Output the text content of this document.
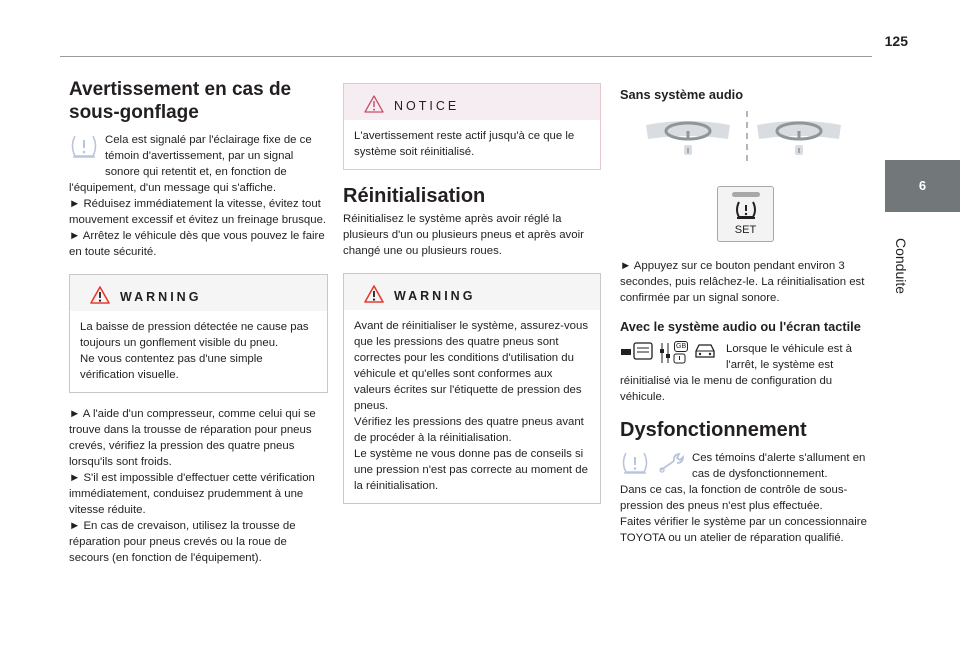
125
6
Conduite
Avertissement en cas de sous-gonflage
Cela est signalé par l'éclairage fixe de ce témoin d'avertissement, par un signal sonore qui retentit et, en fonction de l'équipement, d'un message qui s'affiche.
► Réduisez immédiatement la vitesse, évitez tout mouvement excessif et évitez un freinage brusque.
► Arrêtez le véhicule dès que vous pouvez le faire en toute sécurité.
WARNING
La baisse de pression détectée ne cause pas toujours un gonflement visible du pneu.
Ne vous contentez pas d'une simple vérification visuelle.
► A l'aide d'un compresseur, comme celui qui se trouve dans la trousse de réparation pour pneus crevés, vérifiez la pression des quatre pneus lorsqu'ils sont froids.
► S'il est impossible d'effectuer cette vérification immédiatement, conduisez prudemment à une vitesse réduite.
► En cas de crevaison, utilisez la trousse de réparation pour pneus crevés ou la roue de secours (en fonction de l'équipement).
NOTICE
L'avertissement reste actif jusqu'à ce que le système soit réinitialisé.
Réinitialisation
Réinitialisez le système après avoir réglé la plusieurs d'un ou plusieurs pneus et après avoir changé une ou plusieurs roues.
WARNING
Avant de réinitialiser le système, assurez-vous que les pressions des quatre pneus sont correctes pour les conditions d'utilisation du véhicule et qu'elles sont conformes aux valeurs écrites sur l'étiquette de pression des pneus.
Vérifiez les pressions des quatre pneus avant de procéder à la réinitialisation.
Le système ne vous donne pas de conseils si une pression n'est pas correcte au moment de la réinitialisation.
Sans système audio
SET
► Appuyez sur ce bouton pendant environ 3 secondes, puis relâchez-le. La réinitialisation est confirmée par un signal sonore.
Avec le système audio ou l'écran tactile
GB	Lorsque le véhicule est à l'arrêt, le système est réinitialisé via le menu de configuration du véhicule.
Dysfonctionnement
Ces témoins d'alerte s'allument en cas de dysfonctionnement.
Dans ce cas, la fonction de contrôle de sous-pression des pneus n'est plus effectuée.
Faites vérifier le système par un concessionnaire TOYOTA ou un atelier de réparation qualifié.
